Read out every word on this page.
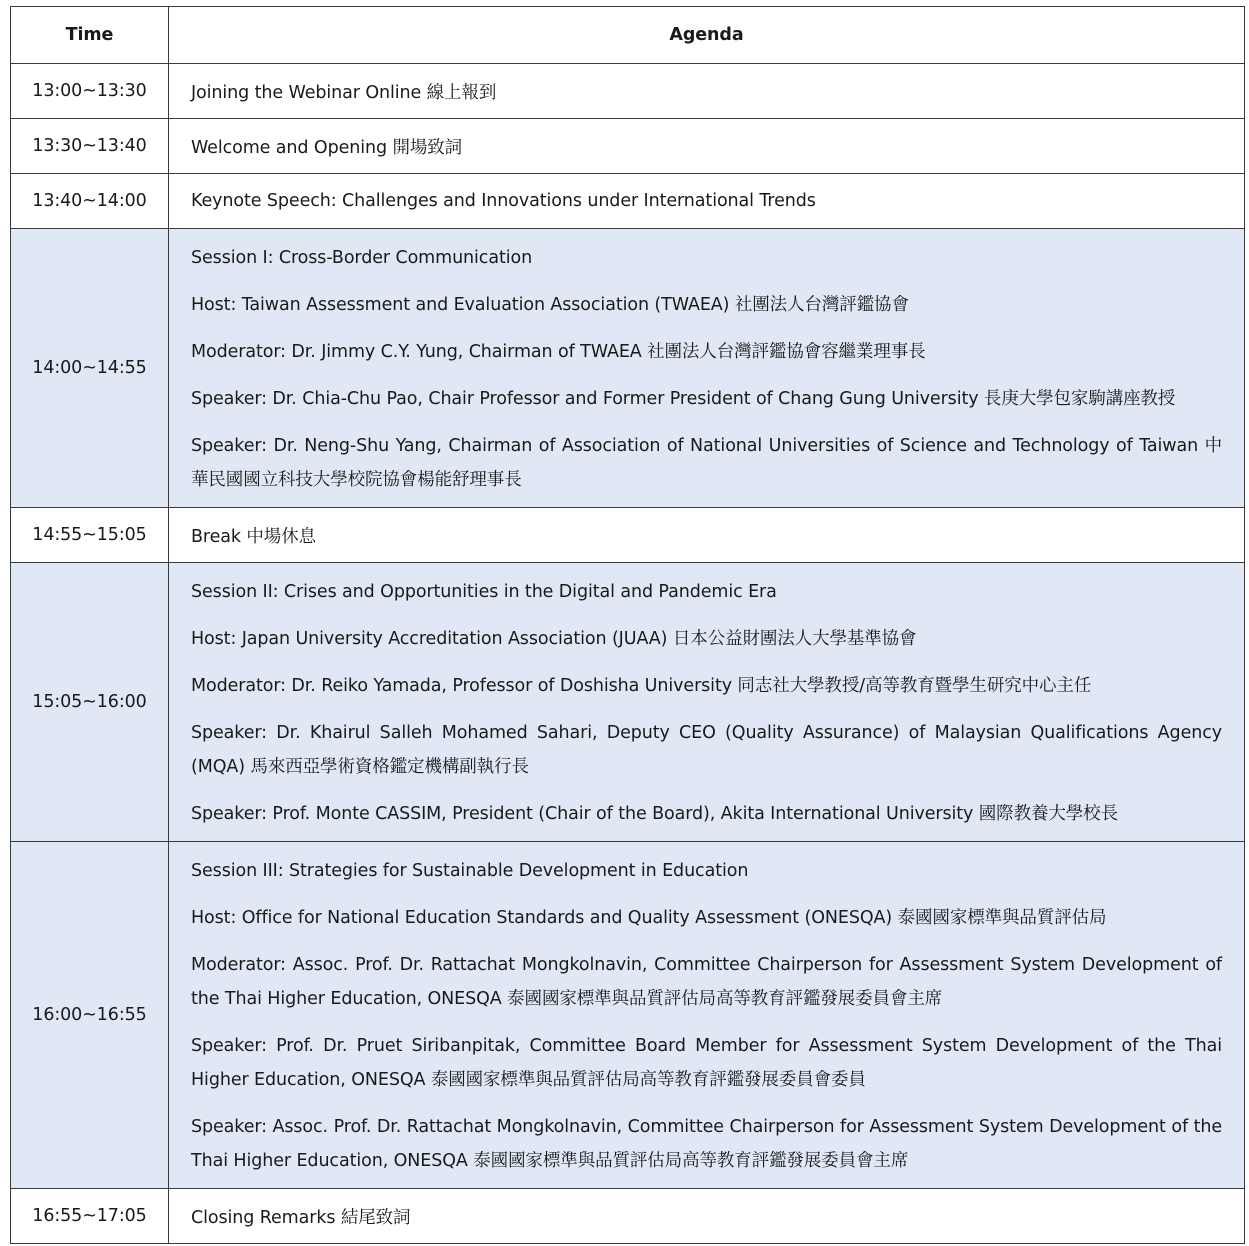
Time	Agenda
13:00~13:30	Joining the Webinar Online 線上報到
13:30~13:40	Welcome and Opening 開場致詞
13:40~14:00	Keynote Speech: Challenges and Innovations under International Trends
14:00~14:55	Session I: Cross-Border Communication
Host: Taiwan Assessment and Evaluation Association (TWAEA) 社團法人台灣評鑑協會
Moderator: Dr. Jimmy C.Y. Yung, Chairman of TWAEA 社團法人台灣評鑑協會容繼業理事長
Speaker: Dr. Chia-Chu Pao, Chair Professor and Former President of Chang Gung University 長庚大學包家駒講座教授
Speaker: Dr. Neng-Shu Yang, Chairman of Association of National Universities of Science and Technology of Taiwan 中華民國國立科技大學校院協會楊能舒理事長

14:55~15:05	Break 中場休息
15:05~16:00	Session II: Crises and Opportunities in the Digital and Pandemic Era
Host: Japan University Accreditation Association (JUAA) 日本公益財團法人大學基準協會
Moderator: Dr. Reiko Yamada, Professor of Doshisha University 同志社大學教授/高等教育暨學生研究中心主任
Speaker: Dr. Khairul Salleh Mohamed Sahari, Deputy CEO (Quality Assurance) of Malaysian Qualifications Agency (MQA) 馬來西亞學術資格鑑定機構副執行長
Speaker: Prof. Monte CASSIM, President (Chair of the Board), Akita International University 國際教養大學校長

16:00~16:55	Session III: Strategies for Sustainable Development in Education
Host: Office for National Education Standards and Quality Assessment (ONESQA) 泰國國家標準與品質評估局
Moderator: Assoc. Prof. Dr. Rattachat Mongkolnavin, Committee Chairperson for Assessment System Development of the Thai Higher Education, ONESQA 泰國國家標準與品質評估局高等教育評鑑發展委員會主席
Speaker: Prof. Dr. Pruet Siribanpitak, Committee Board Member for Assessment System Development of the Thai Higher Education, ONESQA 泰國國家標準與品質評估局高等教育評鑑發展委員會委員
Speaker: Assoc. Prof. Dr. Rattachat Mongkolnavin, Committee Chairperson for Assessment System Development of the Thai Higher Education, ONESQA 泰國國家標準與品質評估局高等教育評鑑發展委員會主席

16:55~17:05	Closing Remarks 結尾致詞
